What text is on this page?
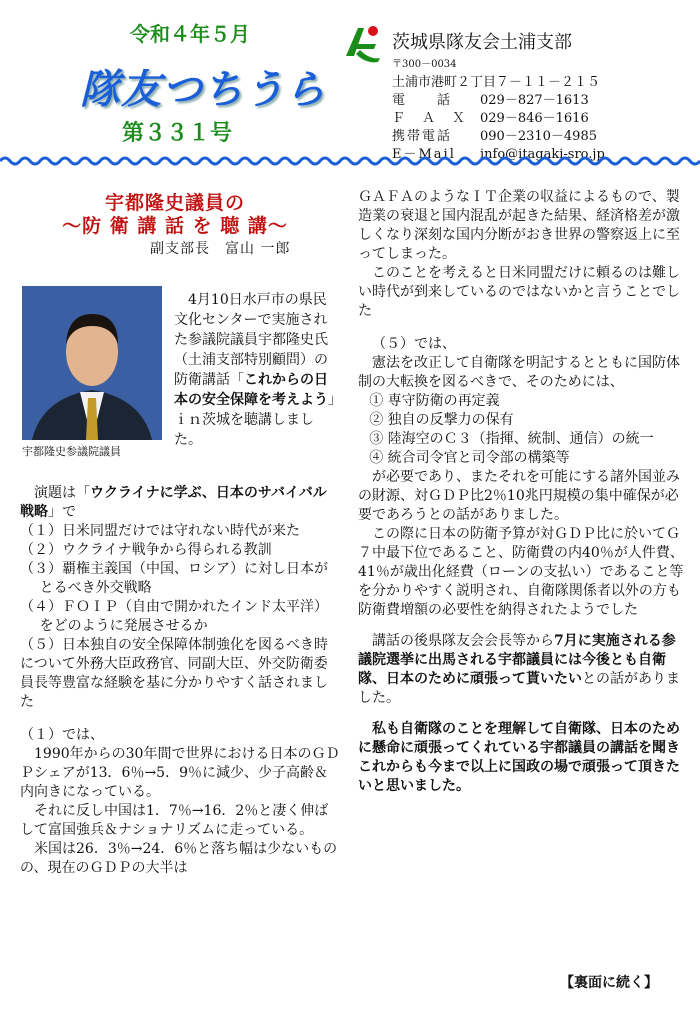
令和４年５月
隊友つちうら
第３３１号
茨城県隊友会土浦支部
〒300－0034
土浦市港町２丁目７－１１－２１５
電　　話	029－827－1613
Ｆ　Ａ　Ｘ 029－846－1616
携帯電話	090－2310－4985
E－Mail	info@itagaki-sro.jp
宇都隆史議員の
～防 衛 講 話 を 聴 講～
副支部長　富山 一郎
宇都隆史参議院議員

4月10日水戸市の県民文化センターで実施された参議院議員宇都隆史氏（土浦支部特別顧問）の防衛講話「これからの日本の安全保障を考えよう」ｉｎ茨城を聴講しました。

演題は「ウクライナに学ぶ、日本のサバイバル戦略」で

（１）日米同盟だけでは守れない時代が来た

（２）ウクライナ戦争から得られる教訓

（３）覇権主義国（中国、ロシア）に対し日本がとるべき外交戦略

（４）ＦＯＩＰ（自由で開かれたインド太平洋）をどのように発展させるか

（５）日本独自の安全保障体制強化を図るべき時

について外務大臣政務官、同副大臣、外交防衛委員長等豊富な経験を基に分かりやすく話されました

（１）では、

1990年からの30年間で世界における日本のＧＤＰシェアが13．6％→5．9％に減少、少子高齢＆内向きになっている。

それに反し中国は1．7％→16．2％と凄く伸ばして富国強兵＆ナショナリズムに走っている。

米国は26．3％→24．6％と落ち幅は少ないものの、現在のＧＤＰの大半は

ＧＡＦＡのようなＩＴ企業の収益によるもので、製造業の衰退と国内混乱が起きた結果、経済格差が激しくなり深刻な国内分断がおき世界の警察返上に至ってしまった。

このことを考えると日米同盟だけに頼るのは難しい時代が到来しているのではないかと言うことでした

（５）では、

憲法を改正して自衛隊を明記するとともに国防体制の大転換を図るべきで、そのためには、

① 専守防衛の再定義

② 独自の反撃力の保有

③ 陸海空のＣ３（指揮、統制、通信）の統一

④ 統合司令官と司令部の構築等

が必要であり、またそれを可能にする諸外国並みの財源、対ＧＤＰ比2％10兆円規模の集中確保が必要であろうとの話がありました。

この際に日本の防衛予算が対ＧＤＰ比に於いてＧ７中最下位であること、防衛費の内40％が人件費、41％が歳出化経費（ローンの支払い）であること等を分かりやすく説明され、自衛隊関係者以外の方も防衛費増額の必要性を納得されたようでした

講話の後県隊友会会長等から7月に実施される参議院選挙に出馬される宇都議員には今後とも自衛隊、日本のために頑張って貰いたいとの話がありました。

私も自衛隊のことを理解して自衛隊、日本のために懸命に頑張ってくれている宇都議員の講話を聞きこれからも今まで以上に国政の場で頑張って頂きたいと思いました。

【裏面に続く】
